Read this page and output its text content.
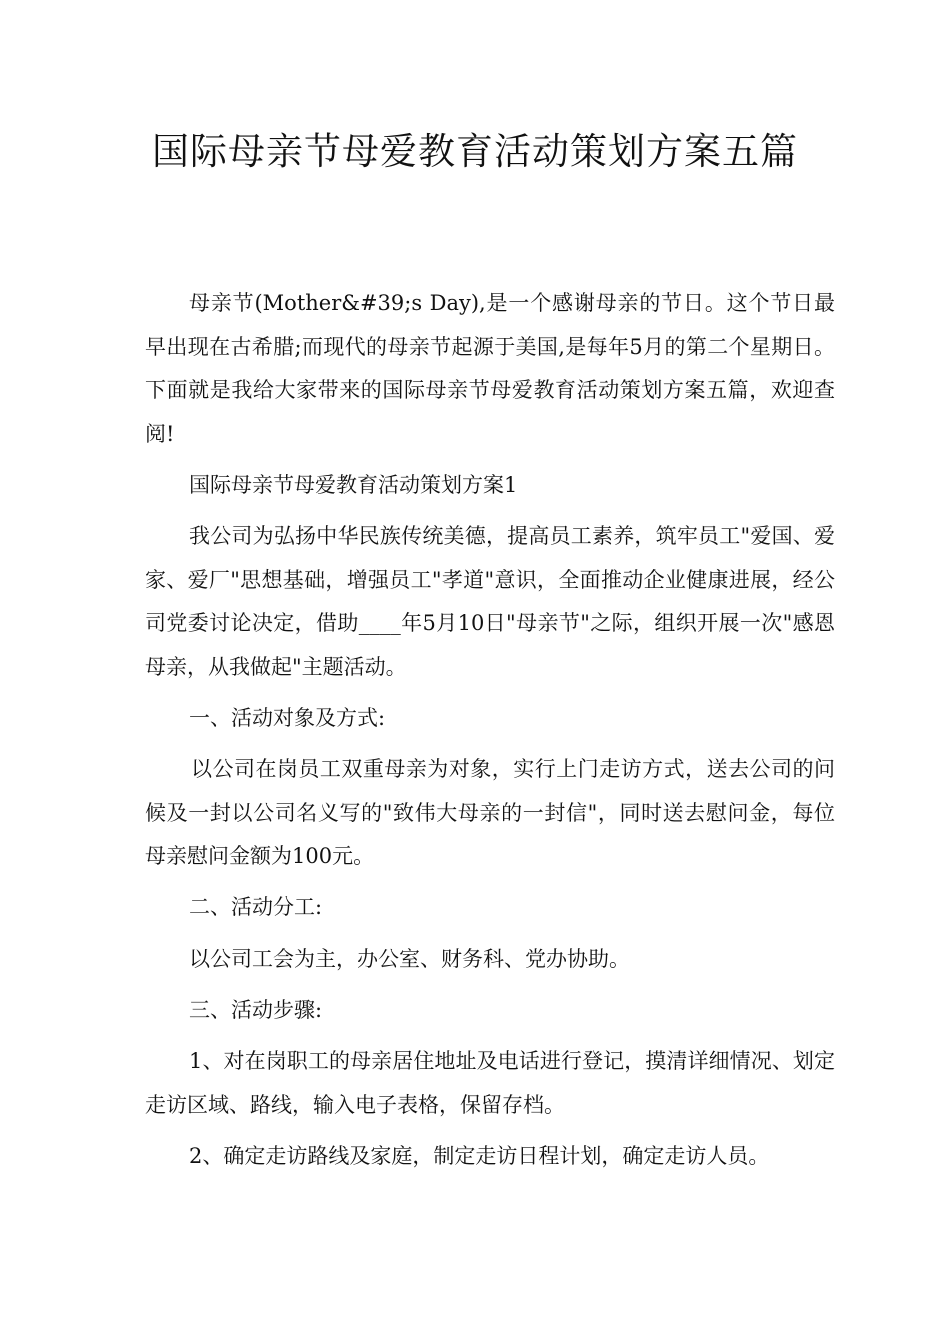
国际母亲节母爱教育活动策划方案五篇

母亲节(Mother&#39;s Day),是一个感谢母亲的节日。这个节日最早出现在古希腊;而现代的母亲节起源于美国,是每年5月的第二个星期日。下面就是我给大家带来的国际母亲节母爱教育活动策划方案五篇，欢迎查阅!

国际母亲节母爱教育活动策划方案1

我公司为弘扬中华民族传统美德，提高员工素养，筑牢员工"爱国、爱家、爱厂"思想基础，增强员工"孝道"意识，全面推动企业健康进展，经公司党委讨论决定，借助____年5月10日"母亲节"之际，组织开展一次"感恩母亲，从我做起"主题活动。

一、活动对象及方式:

以公司在岗员工双重母亲为对象，实行上门走访方式，送去公司的问候及一封以公司名义写的"致伟大母亲的一封信"，同时送去慰问金，每位母亲慰问金额为100元。

二、活动分工:

以公司工会为主，办公室、财务科、党办协助。

三、活动步骤:

1、对在岗职工的母亲居住地址及电话进行登记，摸清详细情况、划定走访区域、路线，输入电子表格，保留存档。

2、确定走访路线及家庭，制定走访日程计划，确定走访人员。
